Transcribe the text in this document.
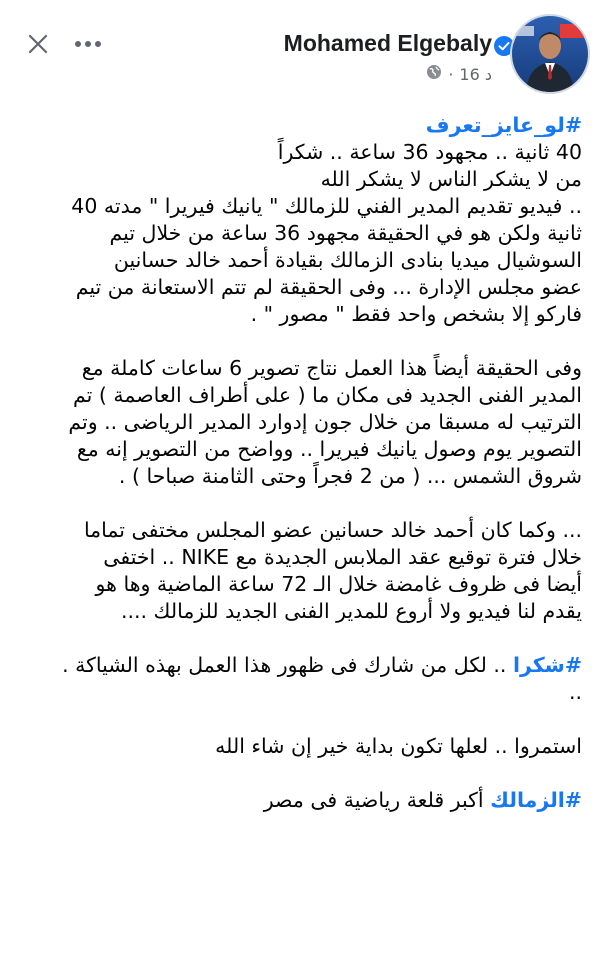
Mohamed Elgebaly
· 16 د

#لو_عايز_تعرف

40 ثانية .. مجهود 36 ساعة .. شكراً

من لا يشكر الناس لا يشكر الله

.. فيديو تقديم المدير الفني للزمالك " يانيك فيريرا " مدته 40

ثانية ولكن هو في الحقيقة مجهود 36 ساعة من خلال تيم

السوشيال ميديا بنادى الزمالك بقيادة أحمد خالد حسانين

عضو مجلس الإدارة ... وفى الحقيقة لم تتم الاستعانة من تيم

فاركو إلا بشخص واحد فقط " مصور " .

وفى الحقيقة أيضاً هذا العمل نتاج تصوير 6 ساعات كاملة مع

المدير الفنى الجديد فى مكان ما ( على أطراف العاصمة ) تم

الترتيب له مسبقا من خلال جون إدوارد المدير الرياضى .. وتم

التصوير يوم وصول يانيك فيريرا .. وواضح من التصوير إنه مع

شروق الشمس ... ( من 2 فجراً وحتى الثامنة صباحا ) .

... وكما كان أحمد خالد حسانين عضو المجلس مختفى تماما

خلال فترة توقيع عقد الملابس الجديدة مع NIKE .. اختفى

أيضا فى ظروف غامضة خلال الـ 72 ساعة الماضية وها هو

يقدم لنا فيديو ولا أروع للمدير الفنى الجديد للزمالك ....

#شكرا .. لكل من شارك فى ظهور هذا العمل بهذه الشياكة .

..

استمروا .. لعلها تكون بداية خير إن شاء الله

#الزمالك أكبر قلعة رياضية فى مصر
